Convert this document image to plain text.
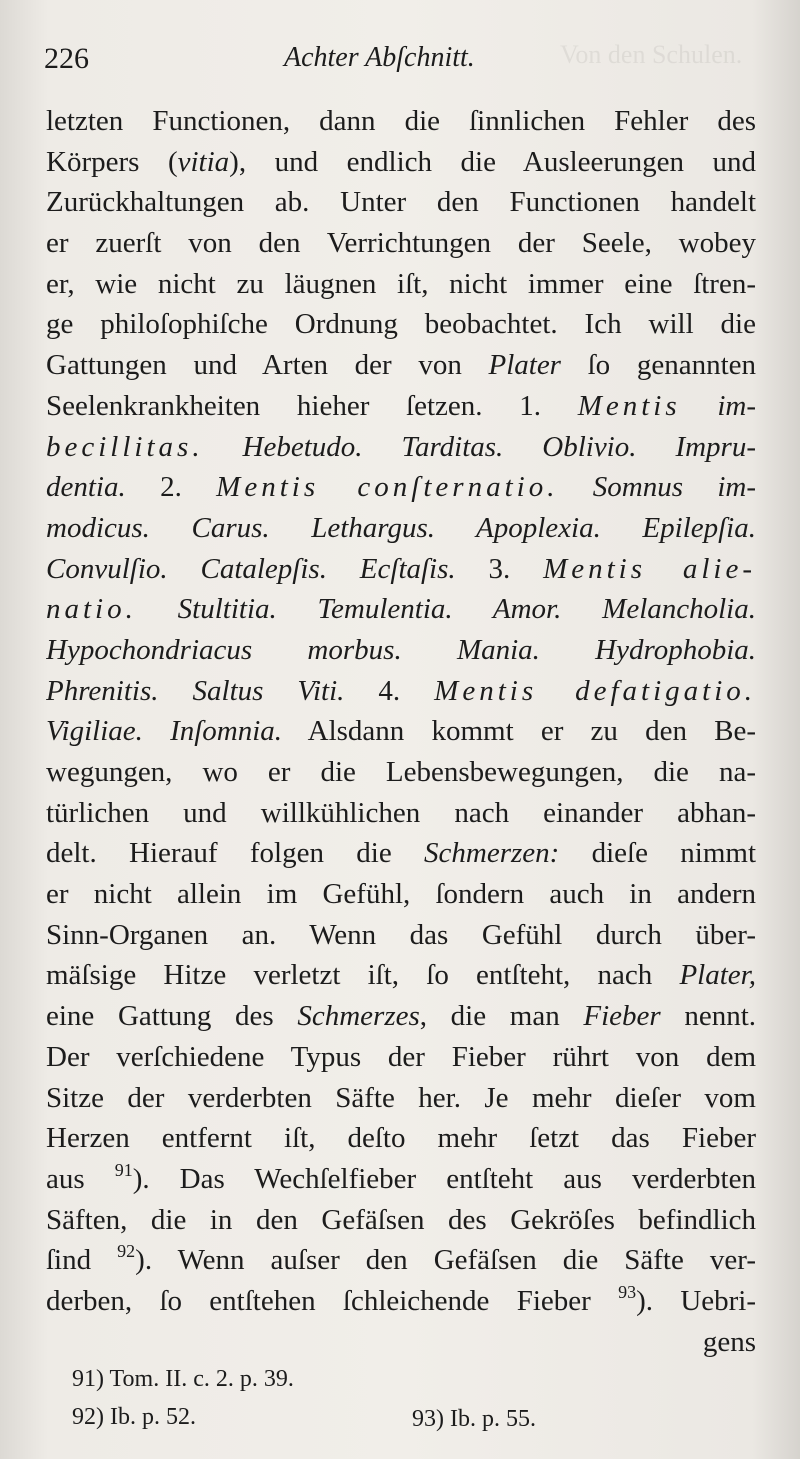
Von den Schulen.
226	Achter Abſchnitt.
letzten Functionen, dann die ſinnlichen Fehler des
Körpers (vitia), und endlich die Ausleerungen und
Zurückhaltungen ab. Unter den Functionen handelt
er zuerſt von den Verrichtungen der Seele, wobey
er, wie nicht zu läugnen iſt, nicht immer eine ſtren-
ge philoſophiſche Ordnung beobachtet. Ich will die
Gattungen und Arten der von Plater ſo genannten
Seelenkrankheiten hieher ſetzen. 1. Mentis im-
becillitas. Hebetudo. Tarditas. Oblivio. Impru-
dentia. 2. Mentis conſternatio. Somnus im-
modicus. Carus. Lethargus. Apoplexia. Epilepſia.
Convulſio. Catalepſis. Ecſtaſis. 3. Mentis alie-
natio. Stultitia. Temulentia. Amor. Melancholia.
Hypochondriacus morbus. Mania. Hydrophobia.
Phrenitis. Saltus Viti. 4. Mentis defatigatio.
Vigiliae. Inſomnia. Alsdann kommt er zu den Be-
wegungen, wo er die Lebensbewegungen, die na-
türlichen und willkühlichen nach einander abhan-
delt. Hierauf folgen die Schmerzen: dieſe nimmt
er nicht allein im Gefühl, ſondern auch in andern
Sinn-Organen an. Wenn das Gefühl durch über-
mäſsige Hitze verletzt iſt, ſo entſteht, nach Plater,
eine Gattung des Schmerzes, die man Fieber nennt.
Der verſchiedene Typus der Fieber rührt von dem
Sitze der verderbten Säfte her. Je mehr dieſer vom
Herzen entfernt iſt, deſto mehr ſetzt das Fieber
aus $^{91}$). Das Wechſelfieber entſteht aus verderbten
Säften, die in den Gefäſsen des Gekröſes befindlich
ſind $^{92}$). Wenn auſser den Gefäſsen die Säfte ver-
derben, ſo entſtehen ſchleichende Fieber $^{93}$). Uebri-
gens
91) Tom. II. c. 2. p. 39.
92) Ib. p. 52.	93) Ib. p. 55.
